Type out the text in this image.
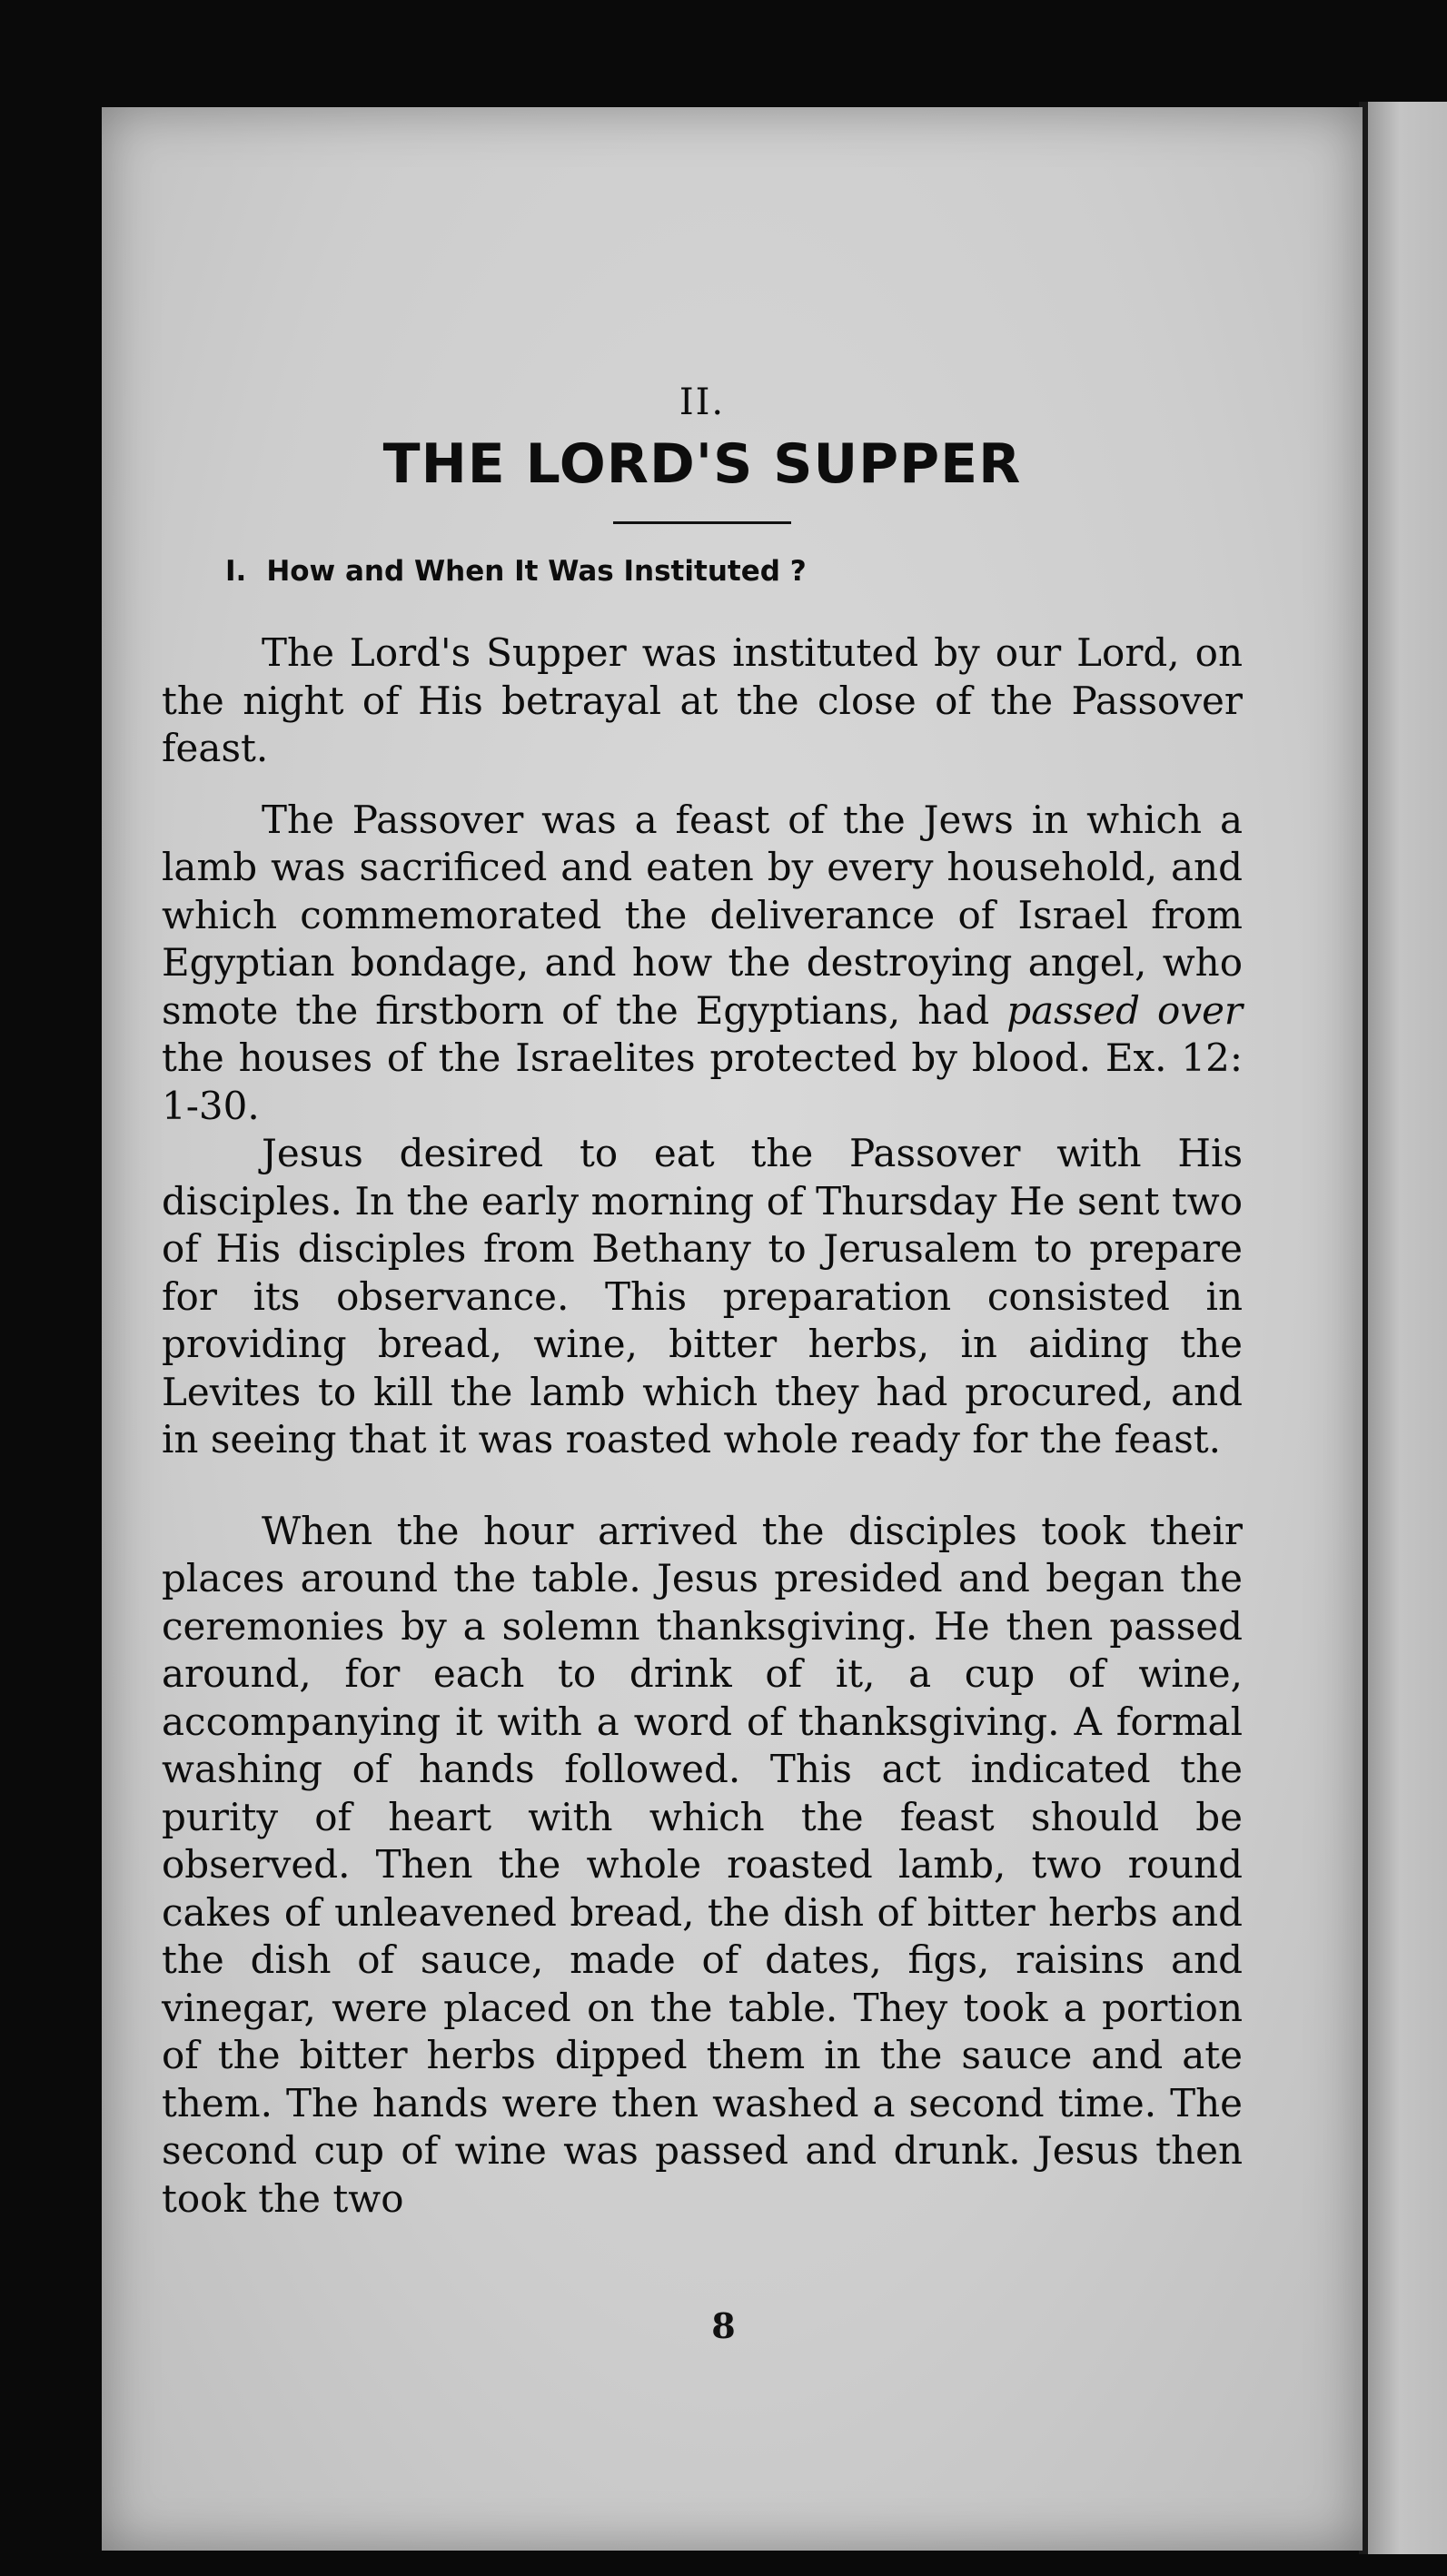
II.
THE LORD'S SUPPER
I. How and When It Was Instituted ?

The Lord's Supper was instituted by our Lord, on the night of His betrayal at the close of the Passover feast.

The Passover was a feast of the Jews in which a lamb was sacrificed and eaten by every household, and which commemorated the deliverance of Israel from Egyptian bondage, and how the destroying angel, who smote the firstborn of the Egyptians, had passed over the houses of the Israelites protected by blood. Ex. 12: 1-30.

Jesus desired to eat the Passover with His disciples. In the early morning of Thursday He sent two of His disciples from Bethany to Jerusalem to prepare for its observance. This preparation consisted in providing bread, wine, bitter herbs, in aiding the Levites to kill the lamb which they had procured, and in seeing that it was roasted whole ready for the feast.

When the hour arrived the disciples took their places around the table. Jesus presided and began the ceremonies by a solemn thanksgiving. He then passed around, for each to drink of it, a cup of wine, accompanying it with a word of thanksgiving. A formal washing of hands followed. This act indicated the purity of heart with which the feast should be observed. Then the whole roasted lamb, two round cakes of unleavened bread, the dish of bitter herbs and the dish of sauce, made of dates, figs, raisins and vinegar, were placed on the table. They took a portion of the bitter herbs dipped them in the sauce and ate them. The hands were then washed a second time. The second cup of wine was passed and drunk. Jesus then took the two

8
